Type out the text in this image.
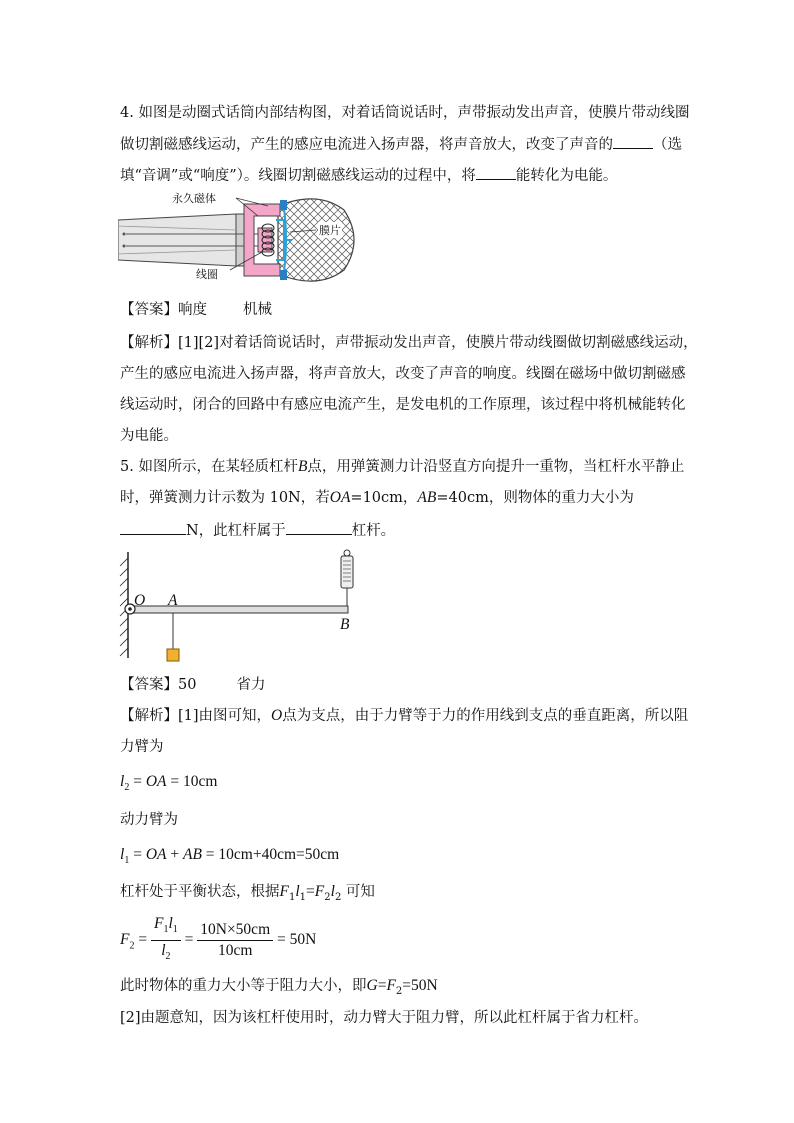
4. 如图是动圈式话筒内部结构图，对着话筒说话时，声带振动发出声音，使膜片带动线圈
做切割磁感线运动，产生的感应电流进入扬声器，将声音放大，改变了声音的	（选
填“音调”或“响度”）。线圈切割磁感线运动的过程中，将	能转化为电能。
永久磁体
膜片
线圈
【答案】响度 机械
【解析】[1][2]对着话筒说话时，声带振动发出声音，使膜片带动线圈做切割磁感线运动，
产生的感应电流进入扬声器，将声音放大，改变了声音的响度。线圈在磁场中做切割磁感
线运动时，闭合的回路中有感应电流产生，是发电机的工作原理，该过程中将机械能转化
为电能。
5. 如图所示，在某轻质杠杆B点，用弹簧测力计沿竖直方向提升一重物，当杠杆水平静止
时，弹簧测力计示数为 10N，若OA=10cm，AB=40cm，则物体的重力大小为
N，此杠杆属于	杠杆。
O A
B
【答案】50	省力
【解析】[1]由图可知，O点为支点，由于力臂等于力的作用线到支点的垂直距离，所以阻
力臂为
$l_2$ = OA = 10cm
动力臂为
$l_1$ = OA + AB = 10cm+40cm=50cm
杠杆处于平衡状态，根据$F_1l_1=F_2l_2$ 可知
$F_2 = \frac{F_1l_1}{l_2} = \frac{10N\times 50cm}{10cm} = 50N$
此时物体的重力大小等于阻力大小，即$G=F_2=50N$
[2]由题意知，因为该杠杆使用时，动力臂大于阻力臂，所以此杠杆属于省力杠杆。
